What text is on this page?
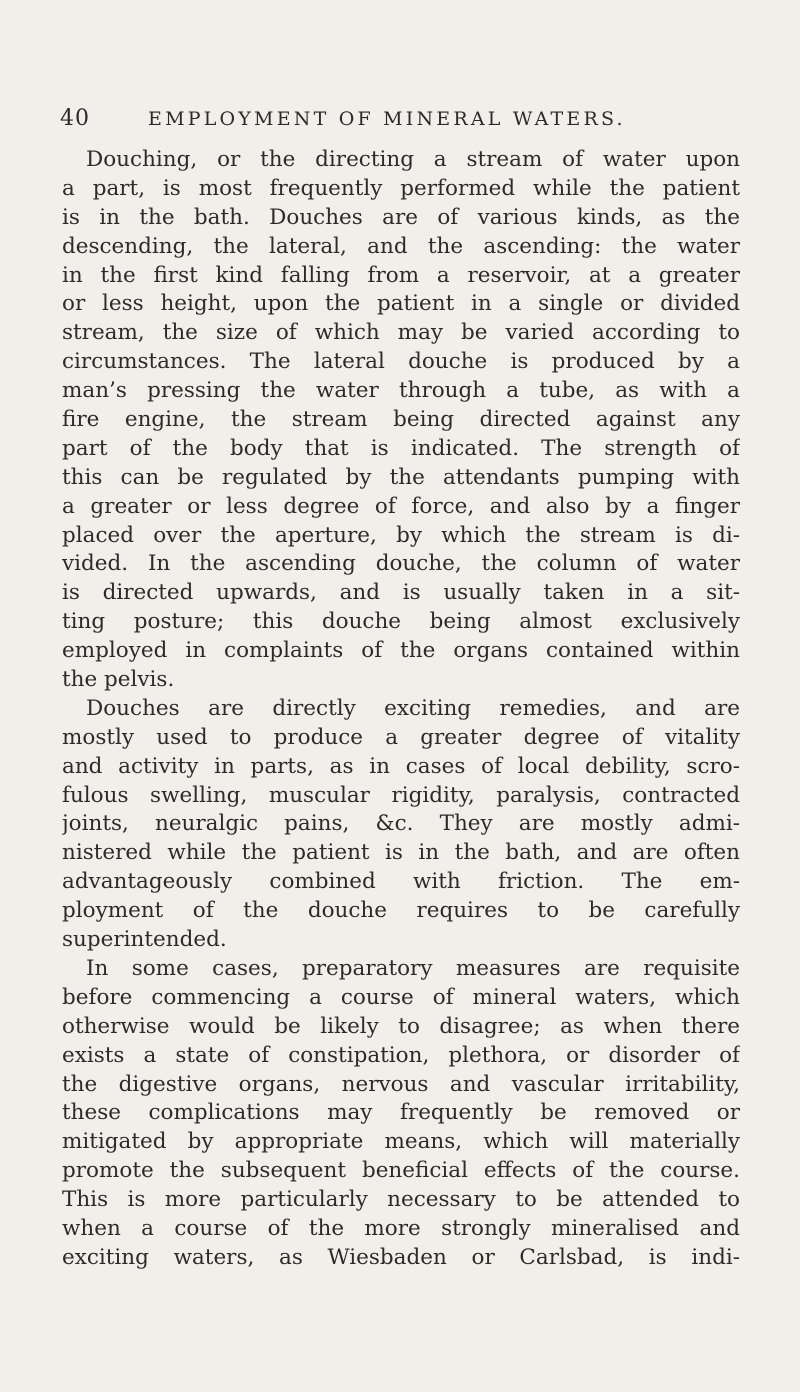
40	EMPLOYMENT OF MINERAL WATERS.
Douching, or the directing a stream of water upon
a part, is most frequently performed while the patient
is in the bath. Douches are of various kinds, as the
descending, the lateral, and the ascending: the water
in the first kind falling from a reservoir, at a greater
or less height, upon the patient in a single or divided
stream, the size of which may be varied according to
circumstances. The lateral douche is produced by a
man’s pressing the water through a tube, as with a
fire engine, the stream being directed against any
part of the body that is indicated. The strength of
this can be regulated by the attendants pumping with
a greater or less degree of force, and also by a finger
placed over the aperture, by which the stream is di-
vided. In the ascending douche, the column of water
is directed upwards, and is usually taken in a sit-
ting posture; this douche being almost exclusively
employed in complaints of the organs contained within
the pelvis.
Douches are directly exciting remedies, and are
mostly used to produce a greater degree of vitality
and activity in parts, as in cases of local debility, scro-
fulous swelling, muscular rigidity, paralysis, contracted
joints, neuralgic pains, &c. They are mostly admi-
nistered while the patient is in the bath, and are often
advantageously combined with friction. The em-
ployment of the douche requires to be carefully
superintended.
In some cases, preparatory measures are requisite
before commencing a course of mineral waters, which
otherwise would be likely to disagree; as when there
exists a state of constipation, plethora, or disorder of
the digestive organs, nervous and vascular irritability,
these complications may frequently be removed or
mitigated by appropriate means, which will materially
promote the subsequent beneficial effects of the course.
This is more particularly necessary to be attended to
when a course of the more strongly mineralised and
exciting waters, as Wiesbaden or Carlsbad, is indi-
